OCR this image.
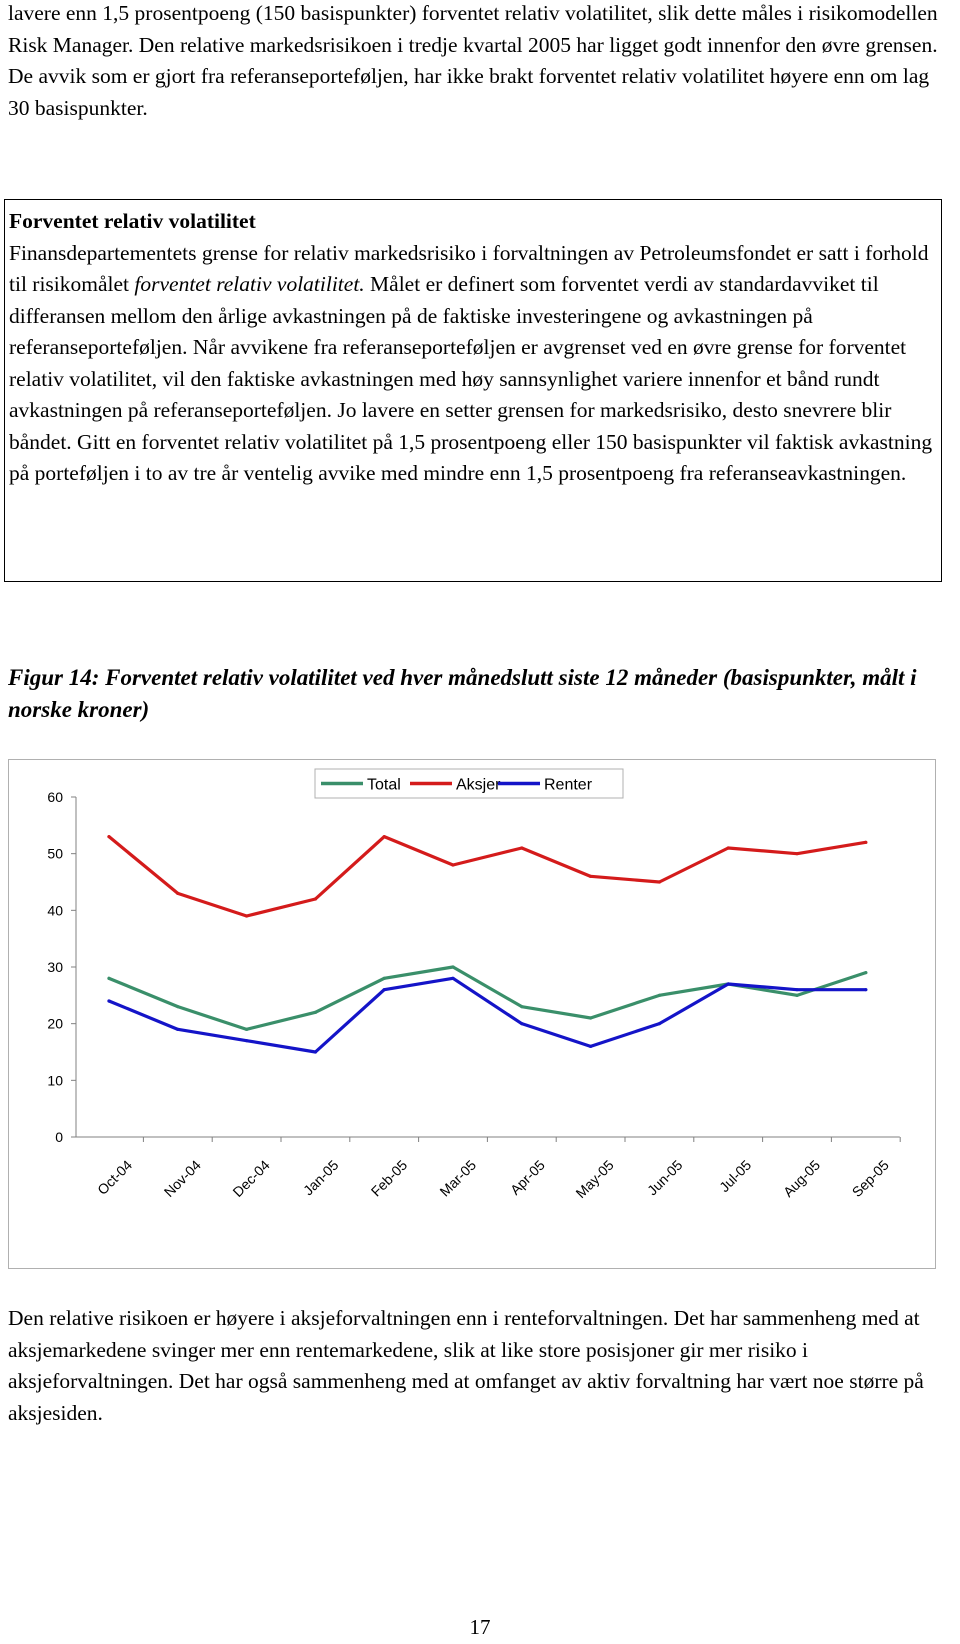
lavere enn 1,5 prosentpoeng (150 basispunkter) forventet relativ volatilitet, slik dette måles i risikomodellen Risk Manager. Den relative markedsrisikoen i tredje kvartal 2005 har ligget godt innenfor den øvre grensen. De avvik som er gjort fra referanseporteføljen, har ikke brakt forventet relativ volatilitet høyere enn om lag 30 basispunkter.

Forventet relativ volatilitet
Finansdepartementets grense for relativ markedsrisiko i forvaltningen av Petroleumsfondet er satt i forhold til risikomålet forventet relativ volatilitet. Målet er definert som forventet verdi av standardavviket til differansen mellom den årlige avkastningen på de faktiske investeringene og avkastningen på referanseporteføljen. Når avvikene fra referanseporteføljen er avgrenset ved en øvre grense for forventet relativ volatilitet, vil den faktiske avkastningen med høy sannsynlighet variere innenfor et bånd rundt avkastningen på referanseporteføljen. Jo lavere en setter grensen for markedsrisiko, desto snevrere blir båndet. Gitt en forventet relativ volatilitet på 1,5 prosentpoeng eller 150 basispunkter vil faktisk avkastning på porteføljen i to av tre år ventelig avvike med mindre enn 1,5 prosentpoeng fra referanseavkastningen.

Figur 14: Forventet relativ volatilitet ved hver månedslutt siste 12 måneder (basispunkter, målt i norske kroner)

0
10
20
30
40
50
60
Oct-04 Nov-04 Dec-04 Jan-05 Feb-05 Mar-05 Apr-05 May-05 Jun-05 Jul-05 Aug-05 Sep-05
Total	Aksjer	Renter

Den relative risikoen er høyere i aksjeforvaltningen enn i renteforvaltningen. Det har sammenheng med at aksjemarkedene svinger mer enn rentemarkedene, slik at like store posisjoner gir mer risiko i aksjeforvaltningen. Det har også sammenheng med at omfanget av aktiv forvaltning har vært noe større på aksjesiden.

17
